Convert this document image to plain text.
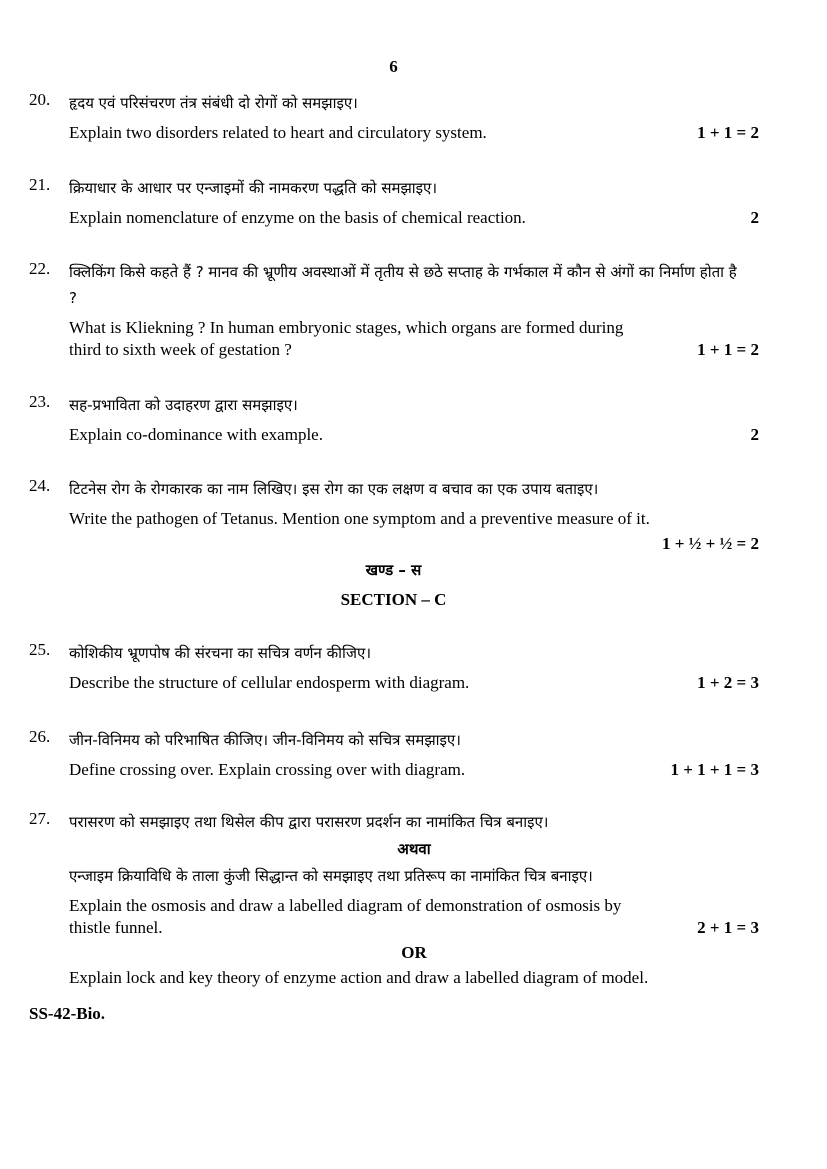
6
20. हृदय एवं परिसंचरण तंत्र संबंधी दो रोगों को समझाइए।
Explain two disorders related to heart and circulatory system.	1 + 1 = 2
21. क्रियाधार के आधार पर एन्जाइमों की नामकरण पद्धति को समझाइए।
Explain nomenclature of enzyme on the basis of chemical reaction.	2
22. क्लिकिंग किसे कहते हैं ? मानव की भ्रूणीय अवस्थाओं में तृतीय से छठे सप्ताह के गर्भकाल में कौन से अंगों का निर्माण होता है ?
What is Kliekning ? In human embryonic stages, which organs are formed during third to sixth week of gestation ?	1 + 1 = 2
23. सह-प्रभाविता को उदाहरण द्वारा समझाइए।
Explain co-dominance with example.	2
24. टिटनेस रोग के रोगकारक का नाम लिखिए। इस रोग का एक लक्षण व बचाव का एक उपाय बताइए।
Write the pathogen of Tetanus. Mention one symptom and a preventive measure of it.
1 + ½ + ½ = 2
खण्ड – स
SECTION – C
25. कोशिकीय भ्रूणपोष की संरचना का सचित्र वर्णन कीजिए।
Describe the structure of cellular endosperm with diagram.	1 + 2 = 3
26. जीन-विनिमय को परिभाषित कीजिए। जीन-विनिमय को सचित्र समझाइए।
Define crossing over. Explain crossing over with diagram.	1 + 1 + 1 = 3
27. परासरण को समझाइए तथा थिसेल कीप द्वारा परासरण प्रदर्शन का नामांकित चित्र बनाइए।
अथवा
एन्जाइम क्रियाविधि के ताला कुंजी सिद्धान्त को समझाइए तथा प्रतिरूप का नामांकित चित्र बनाइए।
Explain the osmosis and draw a labelled diagram of demonstration of osmosis by thistle funnel.	2 + 1 = 3
OR
Explain lock and key theory of enzyme action and draw a labelled diagram of model.
SS-42-Bio.
